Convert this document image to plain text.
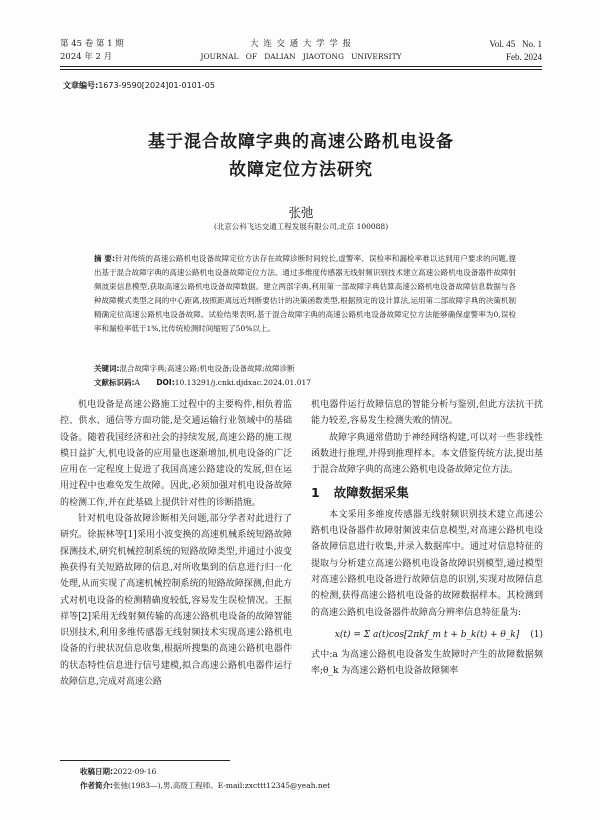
第 45 卷 第 1 期
2024 年 2 月
大 连 交 通 大 学 学 报
JOURNAL   OF   DALIAN   JIAOTONG   UNIVERSITY
Vol. 45   No. 1
Feb. 2024
文章编号:1673-9590[2024]01-0101-05
基于混合故障字典的高速公路机电设备
故障定位方法研究
张弛
(北京公科飞达交通工程发展有限公司,北京 100088)
摘 要:针对传统的高速公路机电设备故障定位方法存在故障诊断时间较长,虚警率、误检率和漏检率难以达到用户要求的问题,提出基于混合故障字典的高速公路机电设备故障定位方法。通过多维度传感器无线射频识别技术建立高速公路机电设备器件故障射频波束信息模型,获取高速公路机电设备故障数据。建立两部字典,利用第一部故障字典估算高速公路机电设备故障信息数据与各种故障模式类型之间的中心距离,按照距离远近判断要估计的决策函数类型,根据预定的设计算法,运用第二部故障字典的决策机制精确定位高速公路机电设备故障。试验结果表明,基于混合故障字典的高速公路机电设备故障定位方法能够确保虚警率为0,误检率和漏检率低于1%,比传统检测时间缩短了50%以上。
关键词:混合故障字典;高速公路;机电设备;设备故障;故障诊断
文献标识码:A DOI:10.13291/j.cnki.djdxac.2024.01.017

机电设备是高速公路施工过程中的主要构件,相负着监控、供水、通信等方面功能,是交通运输行业领域中的基础设备。随着我国经济和社会的持续发展,高速公路的施工规模日益扩大,机电设备的应用量也逐渐增加,机电设备的广泛应用在一定程度上促进了我国高速公路建设的发展,但在运用过程中也难免发生故障。因此,必须加强对机电设备故障的检测工作,并在此基础上提供针对性的诊断措施。

针对机电设备故障诊断相关问题,部分学者对此进行了研究。徐振林等[1]采用小波变换的高速机械系统短路故障探测技术,研究机械控制系统的短路故障类型,并通过小波变换获得有关短路故障的信息,对所收集到的信息进行归一化处理,从而实现了高速机械控制系统的短路故障探测,但此方式对机电设备的检测精确度较低,容易发生误检情况。王振祥等[2]采用无线射频传输的高速公路机电设备的故障智能识别技术,利用多维传感器无线射频技术实现高速公路机电设备的行驶状况信息收集,根据所搜集的高速公路机电器件的状态特性信息进行信号建模,拟合高速公路机电器件运行故障信息,完成对高速公路

机电器件运行故障信息的智能分析与鉴别,但此方法抗干扰能力较差,容易发生检测失败的情况。

故障字典通常借助于神经网络构建,可以对一些非线性函数进行推理,并得到推理样本。本文借鉴传统方法,提出基于混合故障字典的高速公路机电设备故障定位方法。

1 故障数据采集

本文采用多维度传感器无线射频识别技术建立高速公路机电设备器件故障射频波束信息模型,对高速公路机电设备故障信息进行收集,并录入数据库中。通过对信息特征的提取与分析建立高速公路机电设备故障识别模型,通过模型对高速公路机电设备进行故障信息的识别,实现对故障信息的检测,获得高速公路机电设备的故障数据样本。其检测到的高速公路机电设备器件故障高分辨率信息特征量为:

x(t) = Σ a(t)cos[2πkf_m t + b_k(t) + θ_k] (1)

式中:a 为高速公路机电设备发生故障时产生的故障数据频率;θ_k 为高速公路机电设备故障频率

收稿日期:2022-09-16
作者简介:张弛(1983—),男,高级工程师。E-mail:zxcttt12345@yeah.net
